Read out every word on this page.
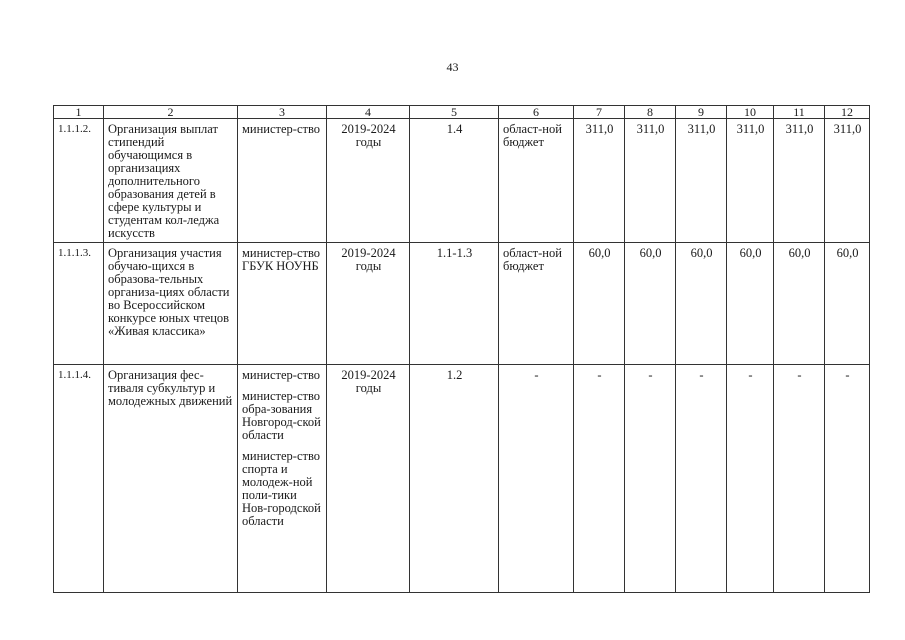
43
1	2	3	4	5	6	7	8	9	10	11	12
1.1.1.2.	Организация выплат стипендий обучающимся в организациях дополнительного образования детей в сфере культуры и студентам кол-леджа искусств	министер-ство	2019-2024 годы	1.4	област-ной бюджет	311,0	311,0	311,0	311,0	311,0	311,0
1.1.1.3.	Организация участия обучаю-щихся в образова-тельных организа-циях области во Всероссийском конкурсе юных чтецов «Живая классика»	министер-ство ГБУК НОУНБ	2019-2024 годы	1.1-1.3	област-ной бюджет	60,0	60,0	60,0	60,0	60,0	60,0
1.1.1.4.	Организация фес-тиваля субкультур и молодежных движений	министер-ство
министер-ство обра-зования Новгород-ской области
министер-ство спорта и молодеж-ной поли-тики Нов-городской области	2019-2024 годы	1.2	-	-	-	-	-	-	-
